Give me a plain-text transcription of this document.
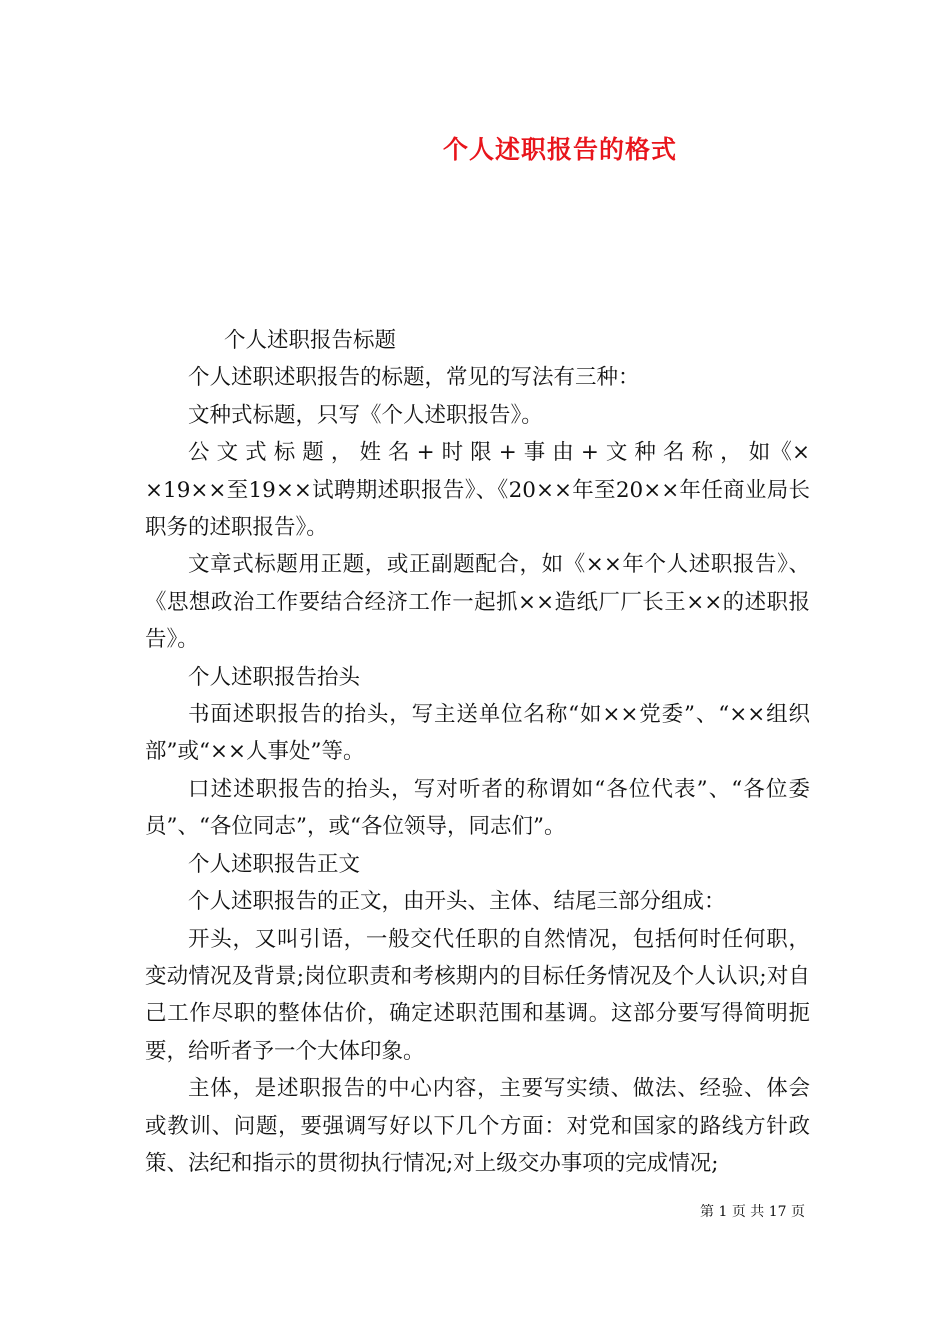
个人述职报告的格式

个人述职报告标题

个人述职述职报告的标题，常见的写法有三种：

文种式标题，只写《个人述职报告》。

公 文 式 标 题 ， 姓 名 + 时 限 + 事 由 + 文 种 名 称 ， 如《××19××至19××试聘期述职报告》、《20××年至20××年任商业局长职务的述职报告》。

文章式标题用正题，或正副题配合，如《××年个人述职报告》、《思想政治工作要结合经济工作一起抓××造纸厂厂长王××的述职报告》。

个人述职报告抬头

书面述职报告的抬头，写主送单位名称“如××党委”、“××组织部”或“××人事处”等。

口述述职报告的抬头，写对听者的称谓如“各位代表”、“各位委员”、“各位同志”，或“各位领导，同志们”。

个人述职报告正文

个人述职报告的正文，由开头、主体、结尾三部分组成：

开头，又叫引语，一般交代任职的自然情况，包括何时任何职，变动情况及背景;岗位职责和考核期内的目标任务情况及个人认识;对自己工作尽职的整体估价，确定述职范围和基调。这部分要写得简明扼要，给听者予一个大体印象。

主体，是述职报告的中心内容，主要写实绩、做法、经验、体会或教训、问题，要强调写好以下几个方面：对党和国家的路线方针政策、法纪和指示的贯彻执行情况;对上级交办事项的完成情况;

第 1 页 共 17 页
